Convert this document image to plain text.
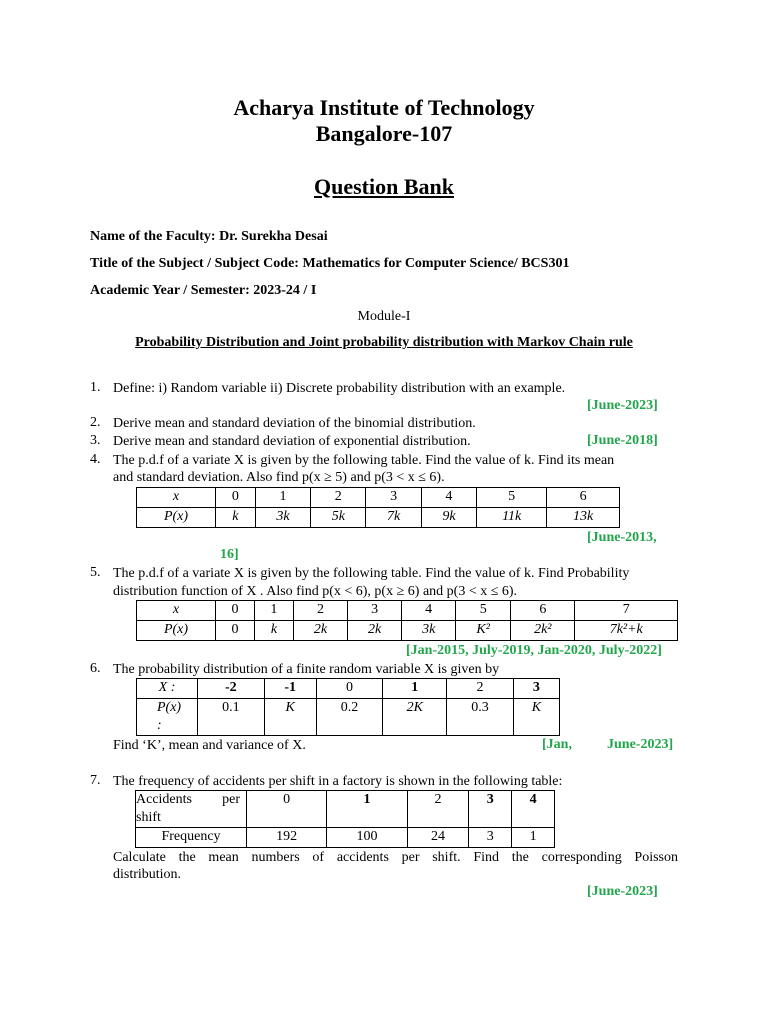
Acharya Institute of Technology
Bangalore-107
Question Bank
Name of the Faculty: Dr. Surekha Desai
Title of the Subject / Subject Code: Mathematics for Computer Science/ BCS301
Academic Year / Semester: 2023-24 / I
Module-I
Probability Distribution and Joint probability distribution with Markov Chain rule
1. Define: i) Random variable ii) Discrete probability distribution with an example.
[June-2023]
2. Derive mean and standard deviation of the binomial distribution.
3. Derive mean and standard deviation of exponential distribution.	[June-2018]
4. The p.d.f of a variate X is given by the following table. Find the value of k. Find its mean
and standard deviation. Also find p(x ≥ 5) and p(3 < x ≤ 6).
x	0	1	2	3	4	5	6
P(x)	k	3k	5k	7k	9k	11k	13k
[June-2013,
16]
5. The p.d.f of a variate X is given by the following table. Find the value of k. Find Probability
distribution function of X . Also find p(x < 6), p(x ≥ 6) and p(3 < x ≤ 6).
x	0	1	2	3	4	5	6	7
P(x)	0	k	2k	2k	3k	K²	2k²	7k²+k
[Jan-2015, July-2019, Jan-2020, July-2022]
6. The probability distribution of a finite random variable X is given by
X :	-2	-1	0	1	2	3
P(x)
:	0.1	K	0.2	2K	0.3	K
Find ‘K’, mean and variance of X.	[Jan,	June-2023]
7. The frequency of accidents per shift in a factory is shown in the following table:
Accidents per
shift	0	1	2	3	4
Frequency	192	100	24	3	1
Calculate the mean numbers of accidents per shift. Find the corresponding Poisson
distribution.
[June-2023]
